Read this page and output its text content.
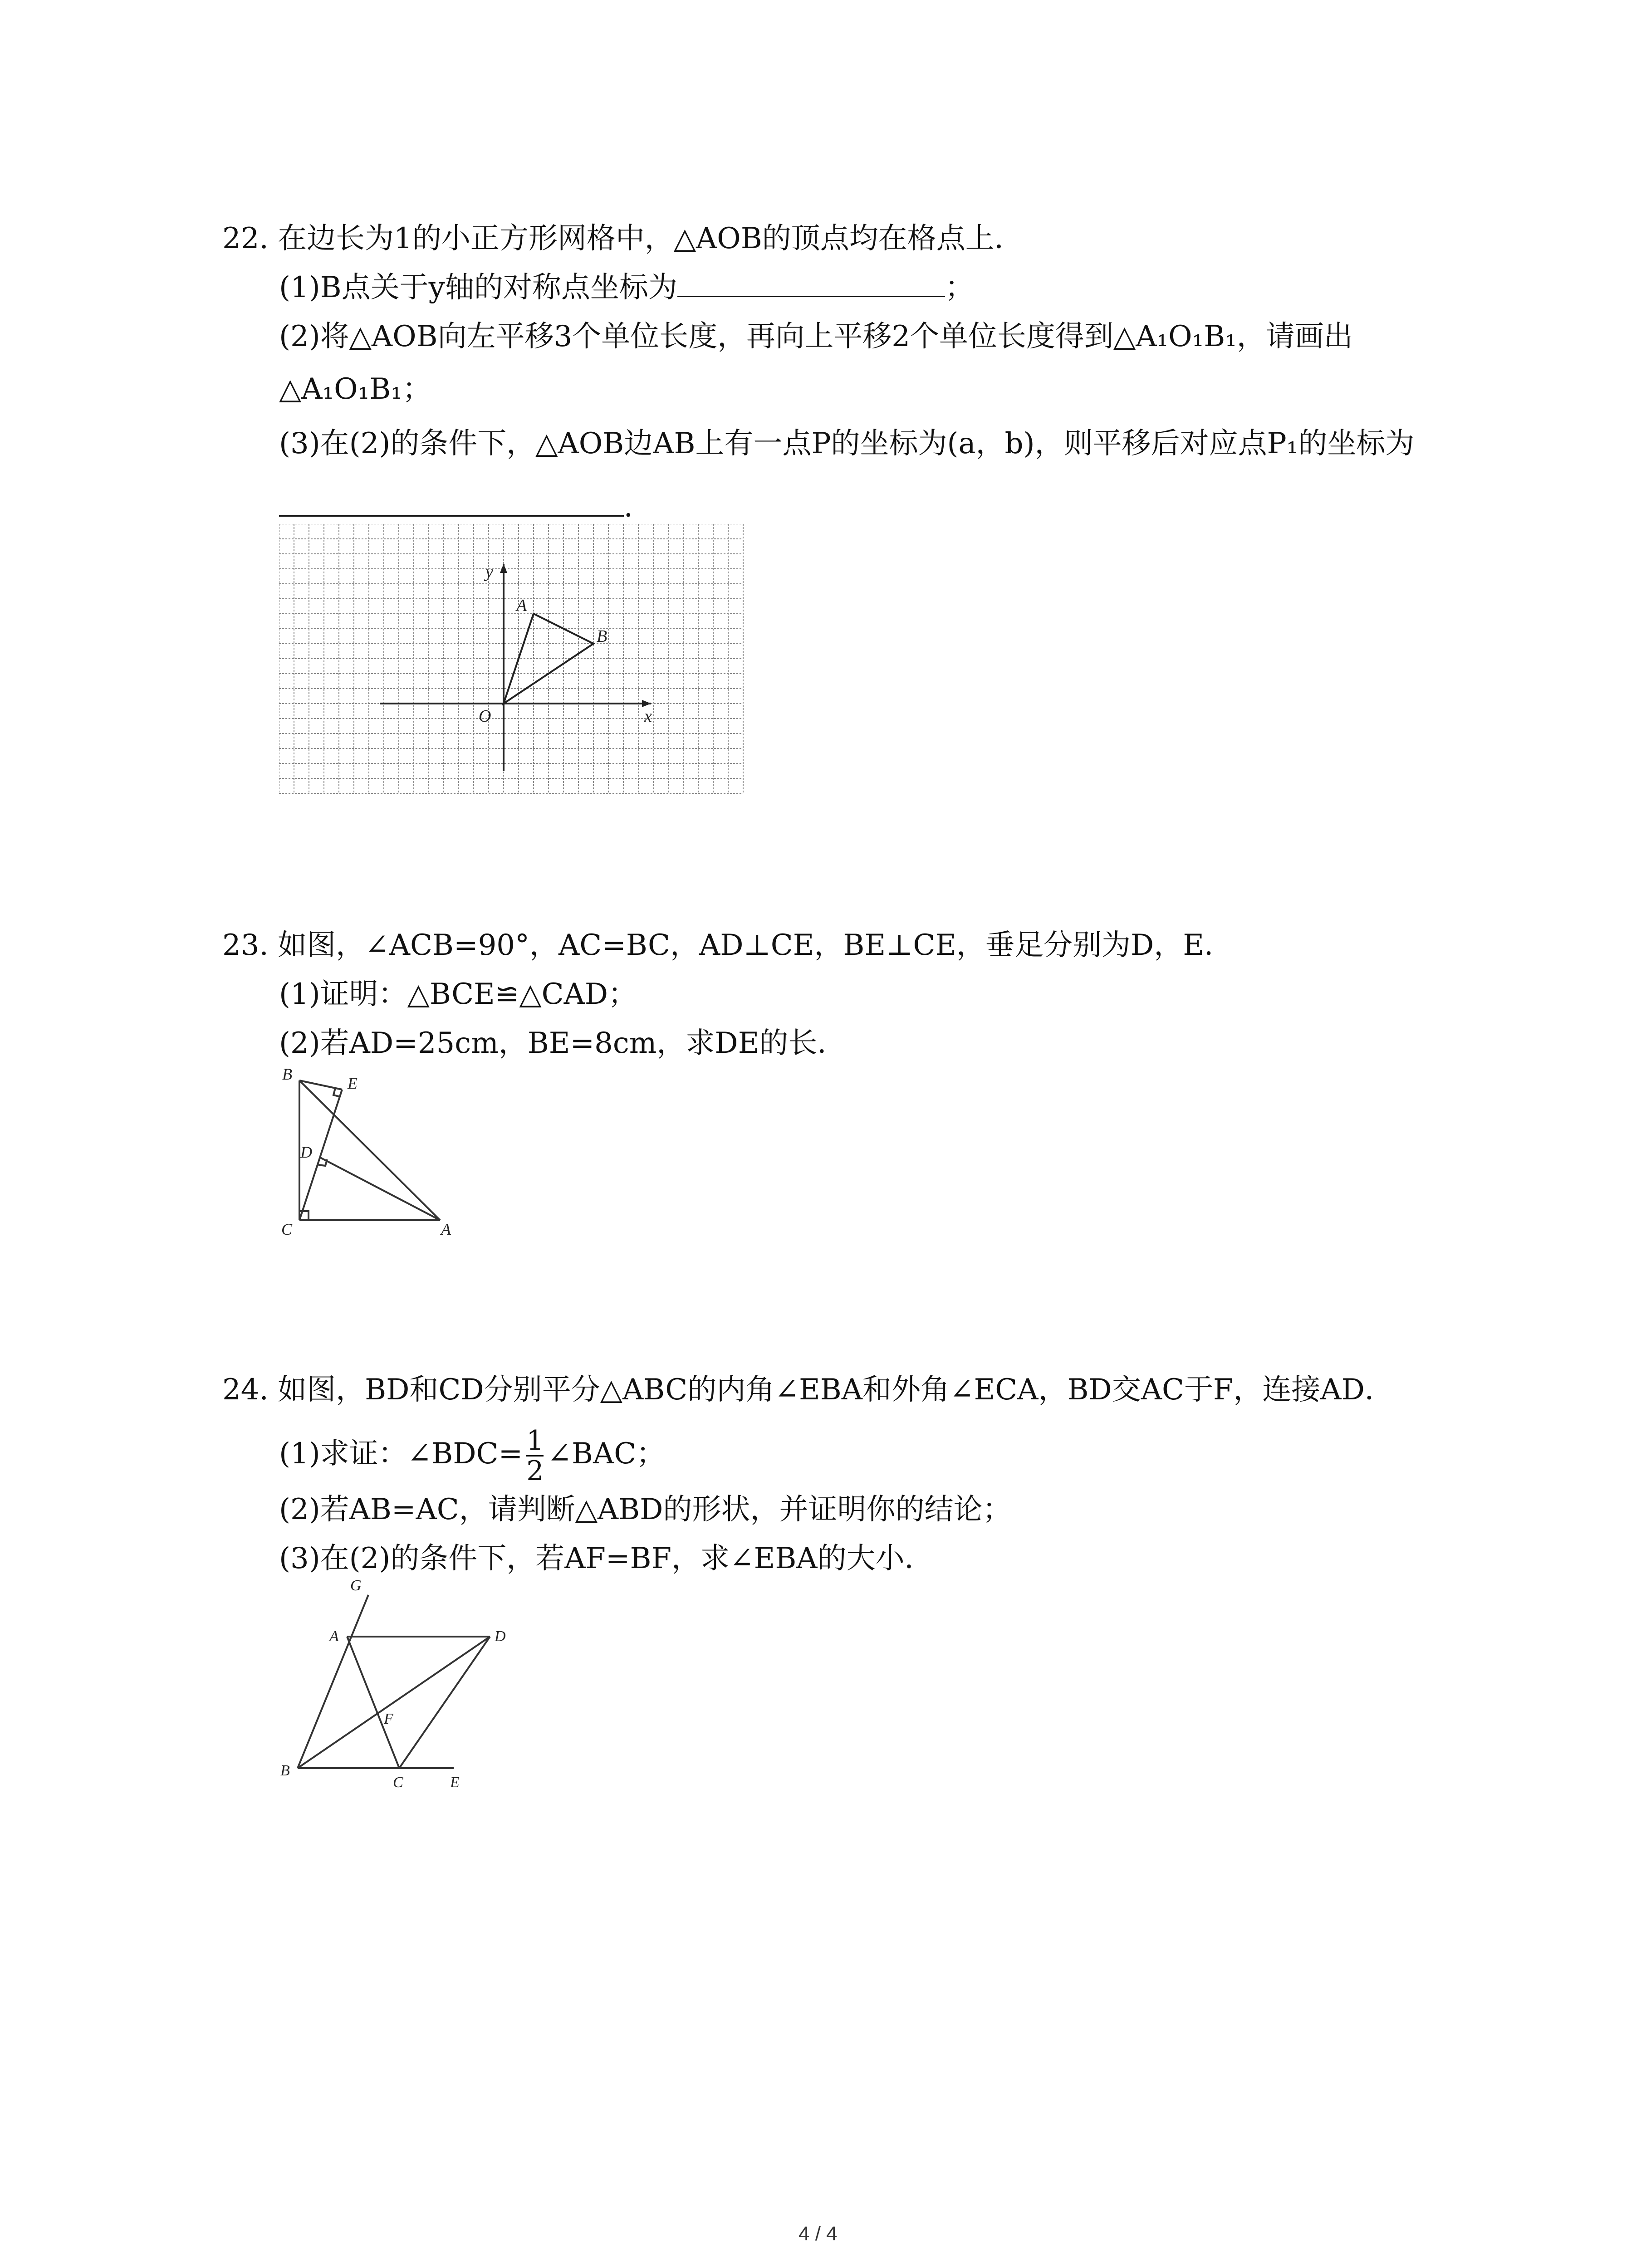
22. 在边长为1的小正方形网格中，△AOB的顶点均在格点上．
(1)B点关于y轴的对称点坐标为	；
(2)将△AOB向左平移3个单位长度，再向上平移2个单位长度得到△A₁O₁B₁，请画出
△A₁O₁B₁；
(3)在(2)的条件下，△AOB边AB上有一点P的坐标为(a，b)，则平移后对应点P₁的坐标为
．
y
x
O
A
B
23. 如图，∠ACB=90°，AC=BC，AD⊥CE，BE⊥CE，垂足分别为D，E．
(1)证明：△BCE≌△CAD；
(2)若AD=25cm，BE=8cm，求DE的长．
B	E
D
C	A
24. 如图，BD和CD分别平分△ABC的内角∠EBA和外角∠ECA，BD交AC于F，连接AD．
(1)求证：∠BDC= $\frac{1}{2}$ ∠BAC；
(2)若AB=AC，请判断△ABD的形状，并证明你的结论；
(3)在(2)的条件下，若AF=BF，求∠EBA的大小．
G
A	D
F
B
C	E
4 / 4
